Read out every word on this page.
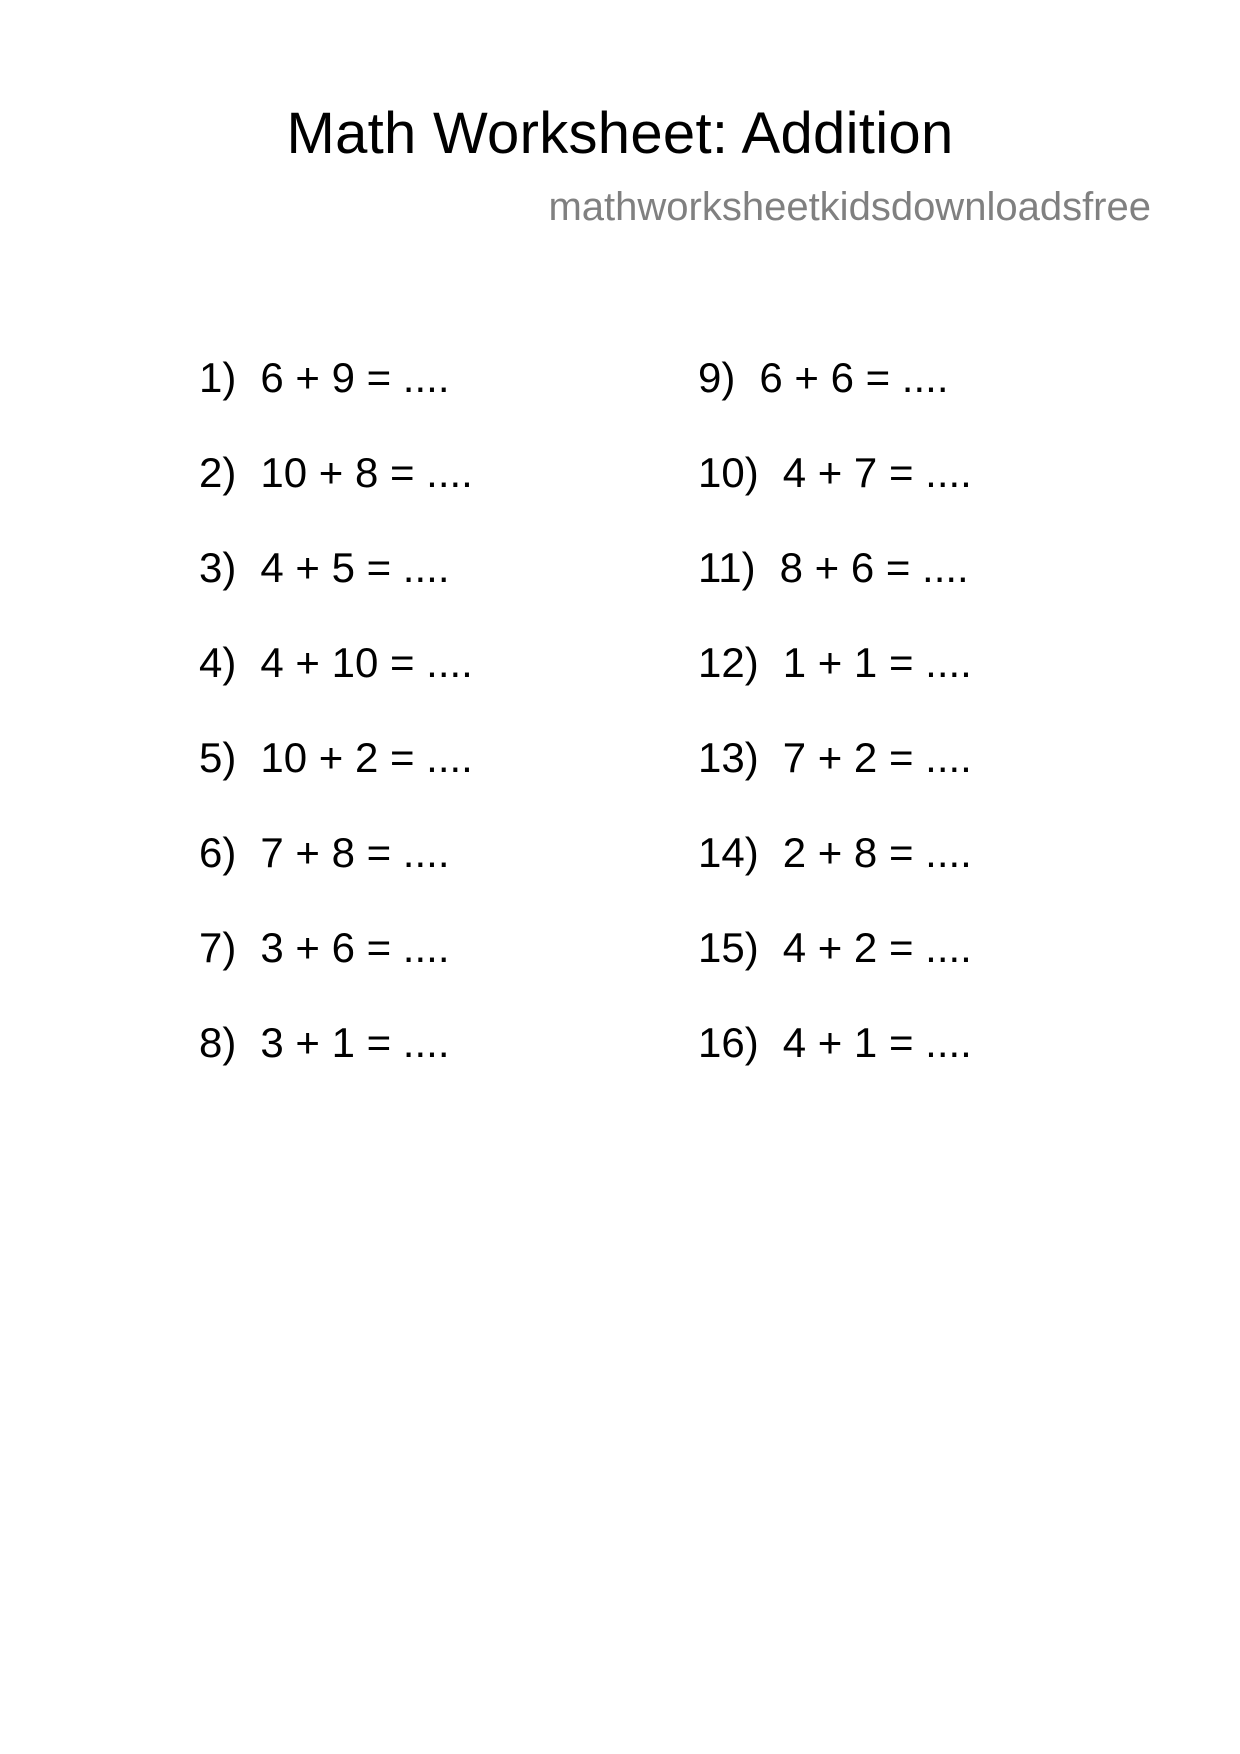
Math Worksheet: Addition
mathworksheetkidsdownloadsfree
1) 6 + 9 = ....
2) 10 + 8 = ....
3) 4 + 5 = ....
4) 4 + 10 = ....
5) 10 + 2 = ....
6) 7 + 8 = ....
7) 3 + 6 = ....
8) 3 + 1 = ....
9) 6 + 6 = ....
10) 4 + 7 = ....
11) 8 + 6 = ....
12) 1 + 1 = ....
13) 7 + 2 = ....
14) 2 + 8 = ....
15) 4 + 2 = ....
16) 4 + 1 = ....
